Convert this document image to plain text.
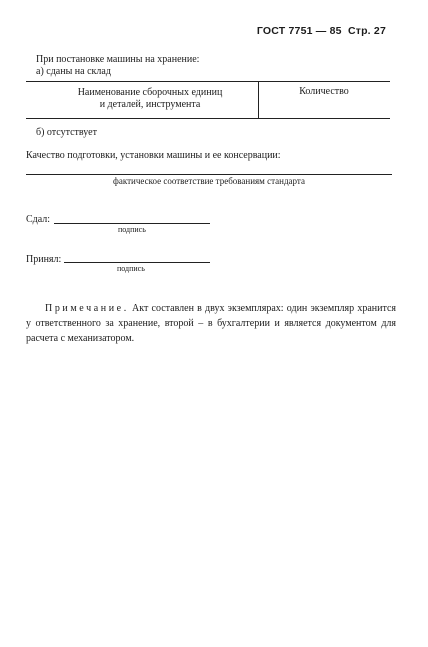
ГОСТ 7751 — 85 Стр. 27
При постановке машины на хранение:
а) сданы на склад
Наименование сборочных единиц
и деталей, инструмента
Количество
б) отсутствует
Качество подготовки, установки машины и ее консервации:
фактическое соответствие требованиям стандарта
Сдал:
подпись
Принял:
подпись
Примечание. Акт составлен в двух экземплярах: один экземпляр хранится у ответственного за хранение, второй – в бухгалтерии и является документом для расчета с механизатором.
